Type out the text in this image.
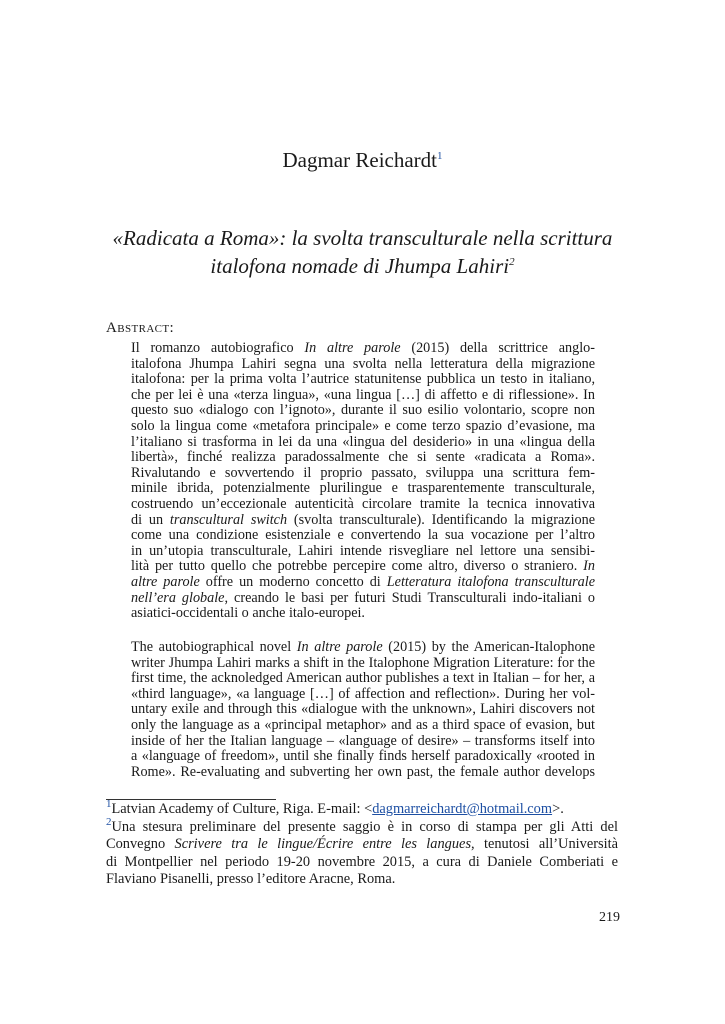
Dagmar Reichardt$^1$
«Radicata a Roma»: la svolta transculturale nella scrittura
italofona nomade di Jhumpa Lahiri$^2$
Abstract:
Il romanzo autobiografico In altre parole (2015) della scrittrice anglo-
italofona Jhumpa Lahiri segna una svolta nella letteratura della migrazione
italofona: per la prima volta l’autrice statunitense pubblica un testo in italiano,
che per lei è una «terza lingua», «una lingua […] di affetto e di riflessione». In
questo suo «dialogo con l’ignoto», durante il suo esilio volontario, scopre non
solo la lingua come «metafora principale» e come terzo spazio d’evasione, ma
l’italiano si trasforma in lei da una «lingua del desiderio» in una «lingua della
libertà», finché realizza paradossalmente che si sente «radicata a Roma».
Rivalutando e sovvertendo il proprio passato, sviluppa una scrittura fem-
minile ibrida, potenzialmente plurilingue e trasparentemente transculturale,
costruendo un’eccezionale autenticità circolare tramite la tecnica innovativa
di un transcultural switch (svolta transculturale). Identificando la migrazione
come una condizione esistenziale e convertendo la sua vocazione per l’altro
in un’utopia transculturale, Lahiri intende risvegliare nel lettore una sensibi-
lità per tutto quello che potrebbe percepire come altro, diverso o straniero. In
altre parole offre un moderno concetto di Letteratura italofona transculturale
nell’era globale, creando le basi per futuri Studi Transculturali indo-italiani o
asiatici-occidentali o anche italo-europei.
The autobiographical novel In altre parole (2015) by the American-Italophone
writer Jhumpa Lahiri marks a shift in the Italophone Migration Literature: for the
first time, the acknoledged American author publishes a text in Italian – for her, a
«third language», «a language […] of affection and reflection». During her vol-
untary exile and through this «dialogue with the unknown», Lahiri discovers not
only the language as a «principal metaphor» and as a third space of evasion, but
inside of her the Italian language – «language of desire» – transforms itself into
a «language of freedom», until she finally finds herself paradoxically «rooted in
Rome». Re-evaluating and subverting her own past, the female author develops
$^1$Latvian Academy of Culture, Riga. E-mail: <dagmarreichardt@hotmail.com>.
$^2$Una stesura preliminare del presente saggio è in corso di stampa per gli Atti del
Convegno Scrivere tra le lingue/Écrire entre les langues, tenutosi all’Università
di Montpellier nel periodo 19-20 novembre 2015, a cura di Daniele Comberiati e
Flaviano Pisanelli, presso l’editore Aracne, Roma.
219
